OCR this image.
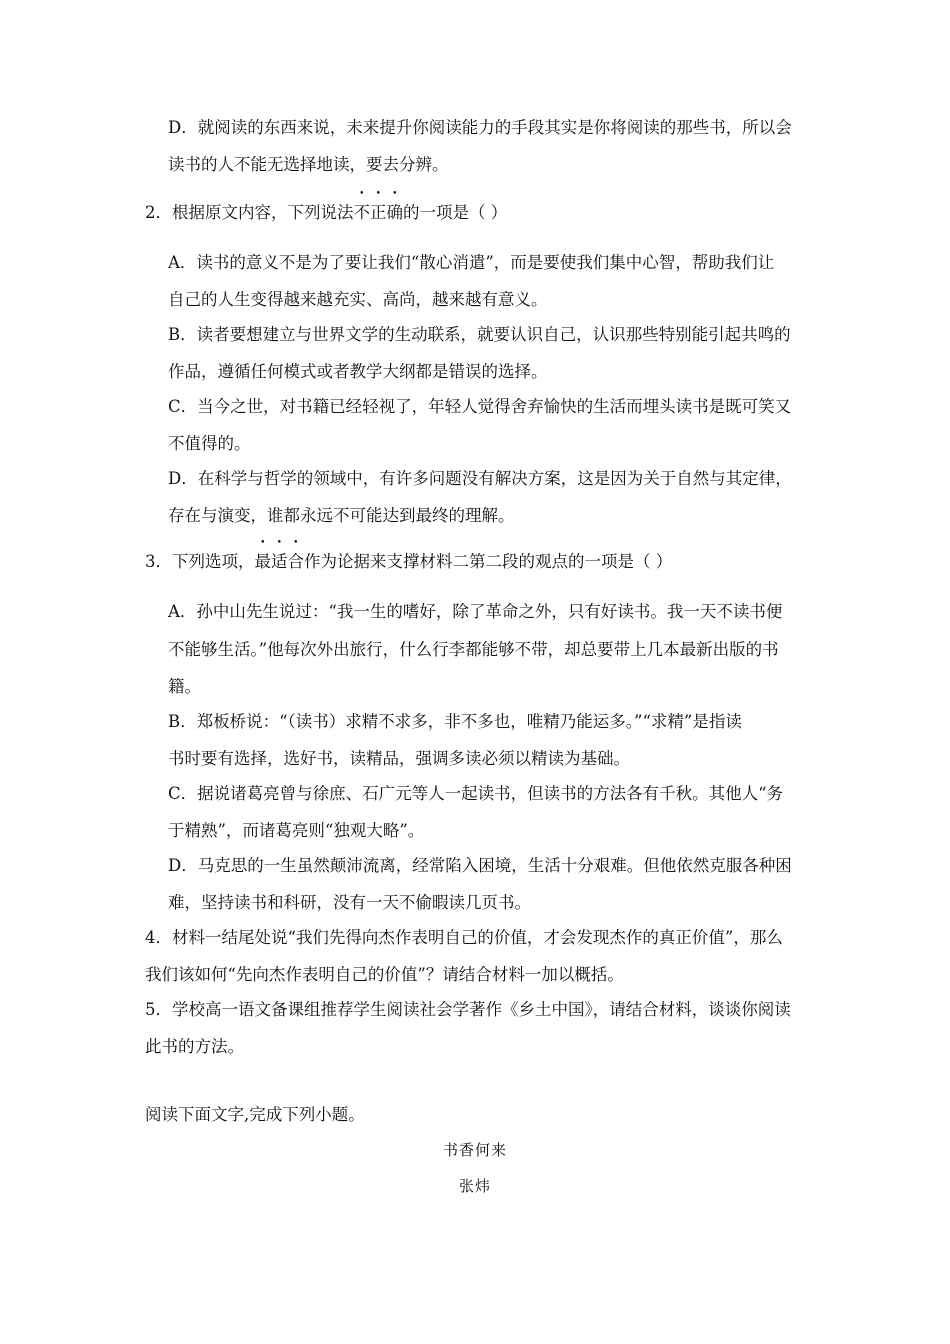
D．就阅读的东西来说，未来提升你阅读能力的手段其实是你将阅读的那些书，所以会
读书的人不能无选择地读，要去分辨。
2．根据原文内容，下列说法不正确的一项是（ ）
A．读书的意义不是为了要让我们“散心消遣”，而是要使我们集中心智，帮助我们让
自己的人生变得越来越充实、高尚，越来越有意义。
B．读者要想建立与世界文学的生动联系，就要认识自己，认识那些特别能引起共鸣的
作品，遵循任何模式或者教学大纲都是错误的选择。
C．当今之世，对书籍已经轻视了，年轻人觉得舍弃愉快的生活而埋头读书是既可笑又
不值得的。
D．在科学与哲学的领域中，有许多问题没有解决方案，这是因为关于自然与其定律，
存在与演变，谁都永远不可能达到最终的理解。
3．下列选项，最适合作为论据来支撑材料二第二段的观点的一项是（ ）
A．孙中山先生说过：“我一生的嗜好，除了革命之外，只有好读书。我一天不读书便
不能够生活。”他每次外出旅行，什么行李都能够不带，却总要带上几本最新出版的书
籍。
B．郑板桥说：“（读书）求精不求多，非不多也，唯精乃能运多。”“求精”是指读
书时要有选择，选好书，读精品，强调多读必须以精读为基础。
C．据说诸葛亮曾与徐庶、石广元等人一起读书，但读书的方法各有千秋。其他人“务
于精熟”，而诸葛亮则“独观大略”。
D．马克思的一生虽然颠沛流离，经常陷入困境，生活十分艰难。但他依然克服各种困
难，坚持读书和科研，没有一天不偷暇读几页书。
4．材料一结尾处说“我们先得向杰作表明自己的价值，才会发现杰作的真正价值”，那么
我们该如何“先向杰作表明自己的价值”？请结合材料一加以概括。
5．学校高一语文备课组推荐学生阅读社会学著作《乡土中国》，请结合材料，谈谈你阅读
此书的方法。
阅读下面文字,完成下列小题。
书香何来
张炜
